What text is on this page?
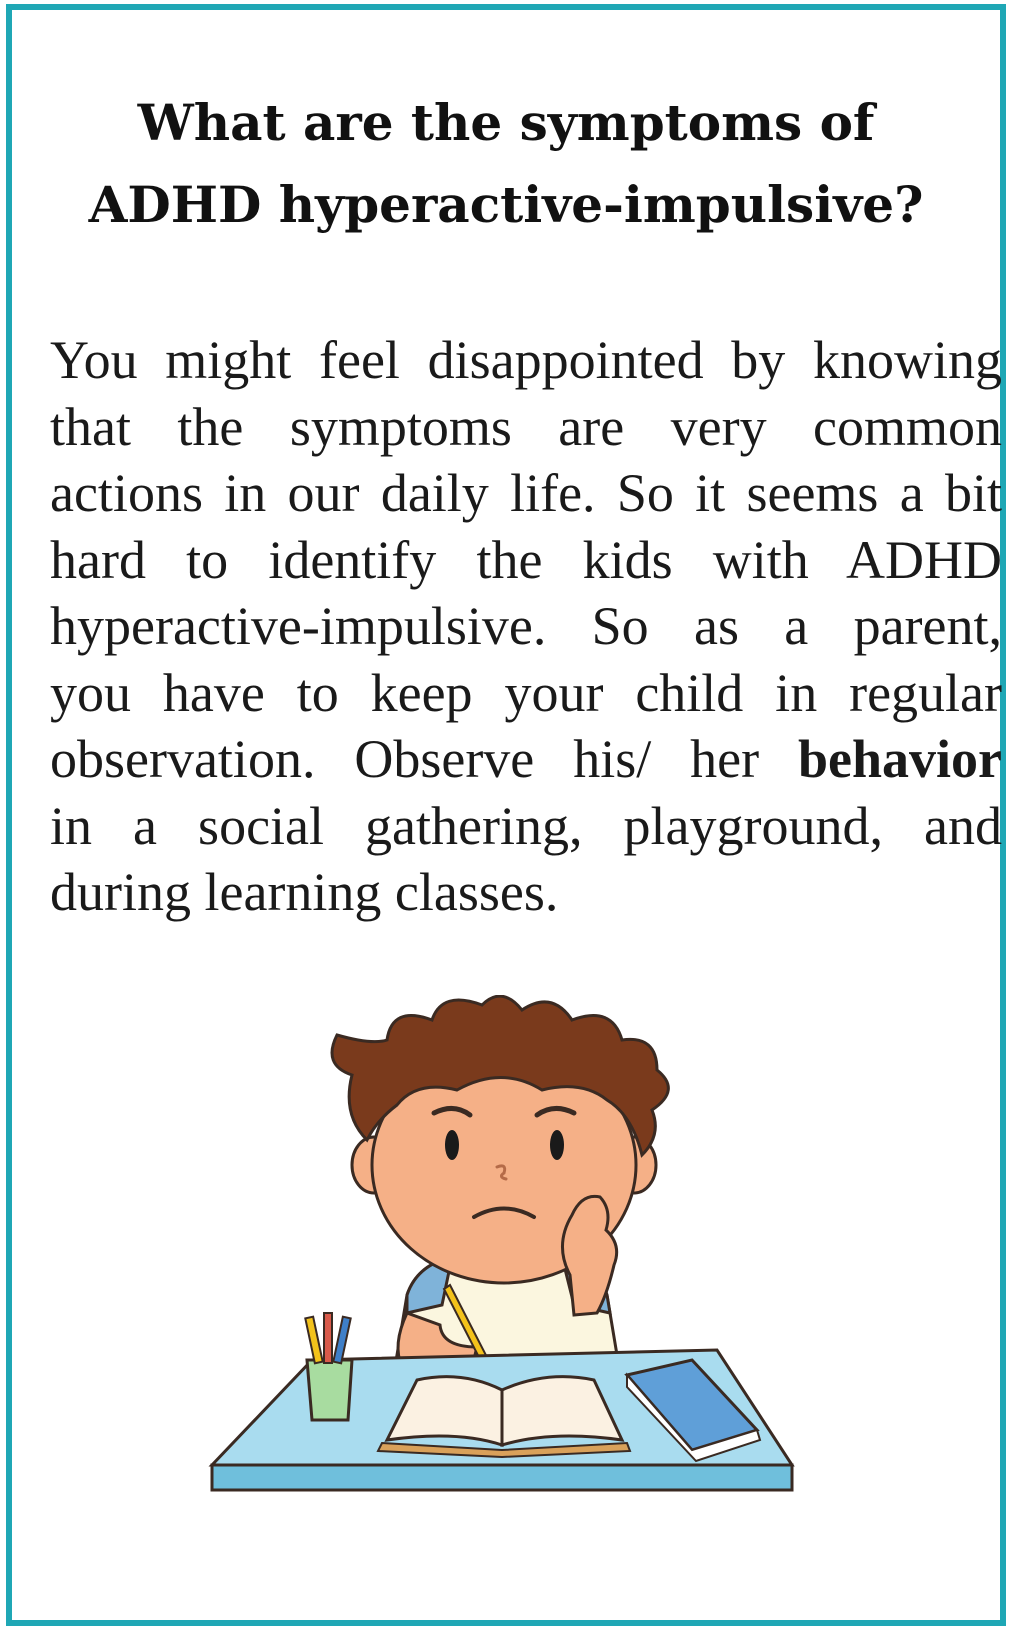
What are the symptoms of
ADHD hyperactive-impulsive?

You might feel disappointed by knowing
that the symptoms are very common
actions in our daily life. So it seems a bit
hard to identify the kids with ADHD
hyperactive-impulsive. So as a parent,
you have to keep your child in regular
observation. Observe his/ her behavior
in a social gathering, playground, and
during learning classes.
